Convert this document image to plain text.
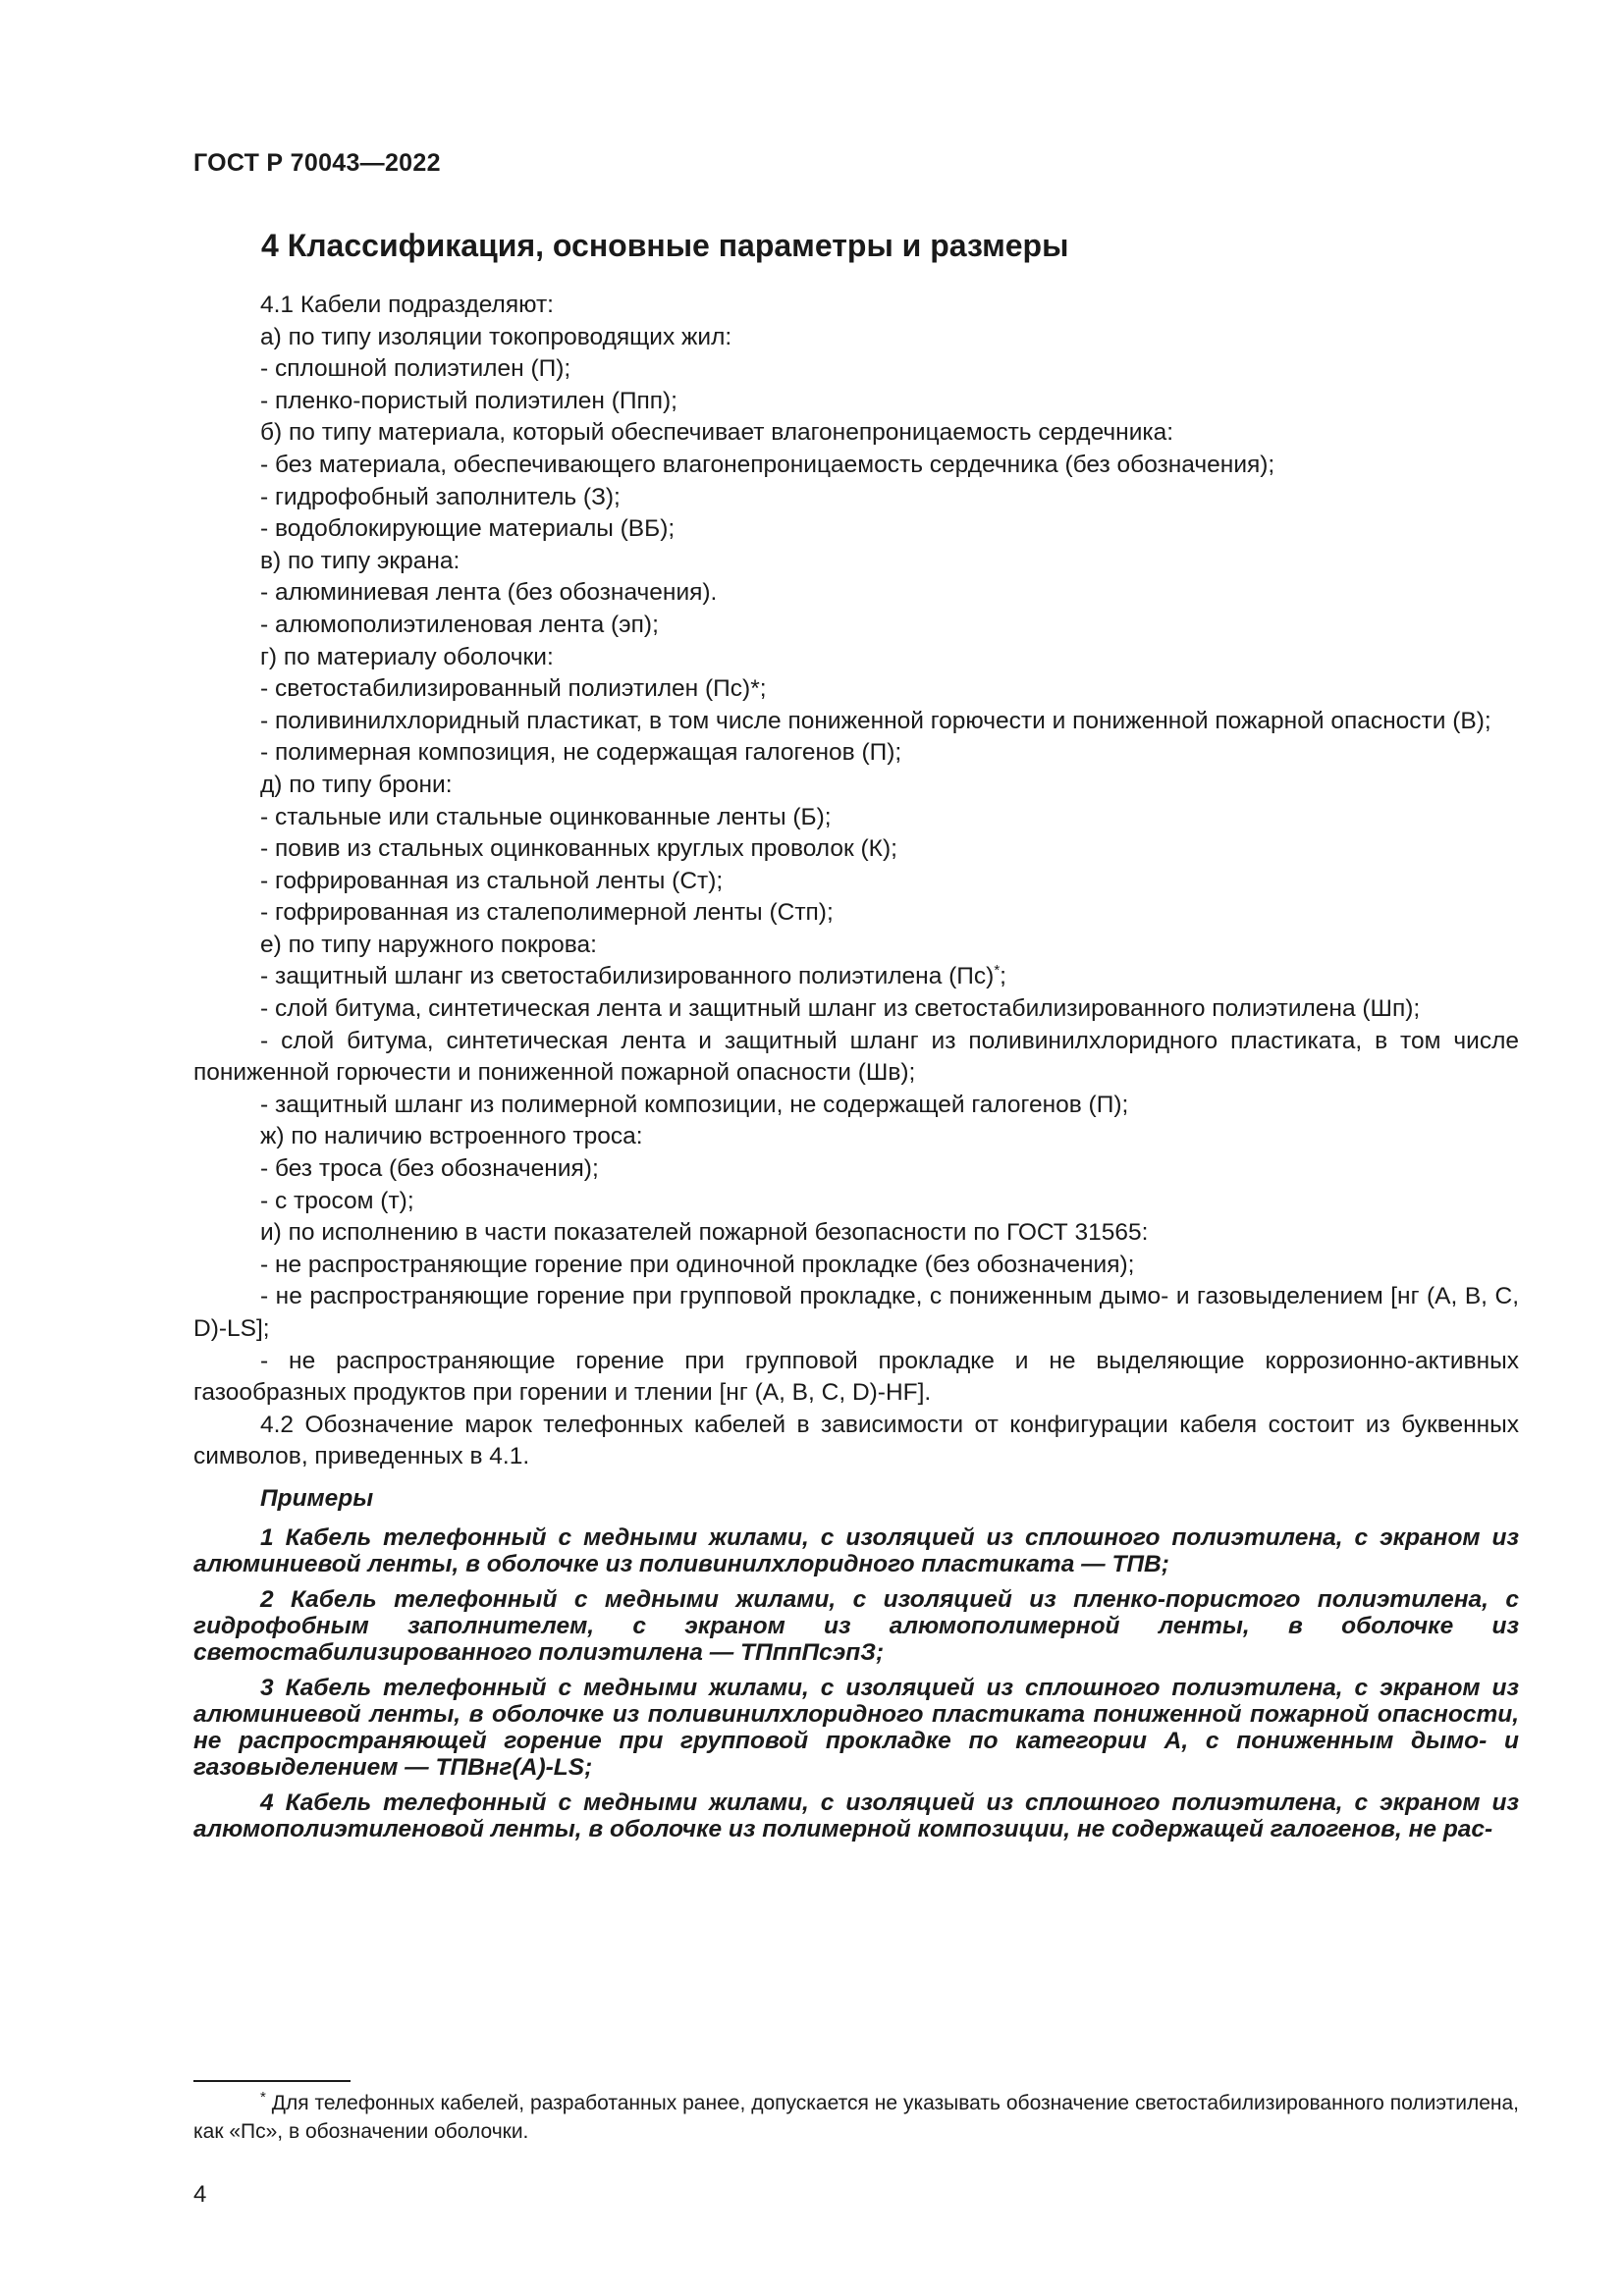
ГОСТ Р 70043—2022
4 Классификация, основные параметры и размеры

4.1 Кабели подразделяют:

а) по типу изоляции токопроводящих жил:

- сплошной полиэтилен (П);

- пленко-пористый полиэтилен (Ппп);

б) по типу материала, который обеспечивает влагонепроницаемость сердечника:

- без материала, обеспечивающего влагонепроницаемость сердечника (без обозначения);

- гидрофобный заполнитель (З);

- водоблокирующие материалы (ВБ);

в) по типу экрана:

- алюминиевая лента (без обозначения).

- алюмополиэтиленовая лента (эп);

г) по материалу оболочки:

- светостабилизированный полиэтилен (Пс)*;

- поливинилхлоридный пластикат, в том числе пониженной горючести и пониженной пожарной опасности (В);

- полимерная композиция, не содержащая галогенов (П);

д) по типу брони:

- стальные или стальные оцинкованные ленты (Б);

- повив из стальных оцинкованных круглых проволок (К);

- гофрированная из стальной ленты (Ст);

- гофрированная из сталеполимерной ленты (Стп);

е) по типу наружного покрова:

- защитный шланг из светостабилизированного полиэтилена (Пс)*;

- слой битума, синтетическая лента и защитный шланг из светостабилизированного полиэтилена (Шп);

- слой битума, синтетическая лента и защитный шланг из поливинилхлоридного пластиката, в том числе пониженной горючести и пониженной пожарной опасности (Шв);

- защитный шланг из полимерной композиции, не содержащей галогенов (П);

ж) по наличию встроенного троса:

- без троса (без обозначения);

- с тросом (т);

и) по исполнению в части показателей пожарной безопасности по ГОСТ 31565:

- не распространяющие горение при одиночной прокладке (без обозначения);

- не распространяющие горение при групповой прокладке, с пониженным дымо- и газовыделением [нг (A, B, C, D)-LS];

- не распространяющие горение при групповой прокладке и не выделяющие коррозионно-активных газообразных продуктов при горении и тлении [нг (A, B, C, D)-HF].

4.2 Обозначение марок телефонных кабелей в зависимости от конфигурации кабеля состоит из буквенных символов, приведенных в 4.1.

Примеры

1 Кабель телефонный с медными жилами, с изоляцией из сплошного полиэтилена, с экраном из алюминиевой ленты, в оболочке из поливинилхлоридного пластиката — ТПВ;

2 Кабель телефонный с медными жилами, с изоляцией из пленко-пористого полиэтилена, с гидрофобным заполнителем, с экраном из алюмополимерной ленты, в оболочке из светостабилизированного полиэтилена — ТПппПсэпЗ;

3 Кабель телефонный с медными жилами, с изоляцией из сплошного полиэтилена, с экраном из алюминиевой ленты, в оболочке из поливинилхлоридного пластиката пониженной пожарной опасности, не распространяющей горение при групповой прокладке по категории А, с пониженным дымо- и газовыделением — ТПВнг(А)-LS;

4 Кабель телефонный с медными жилами, с изоляцией из сплошного полиэтилена, с экраном из алюмополиэтиленовой ленты, в оболочке из полимерной композиции, не содержащей галогенов, не рас-

* Для телефонных кабелей, разработанных ранее, допускается не указывать обозначение светостабилизированного полиэтилена, как «Пс», в обозначении оболочки.
4
